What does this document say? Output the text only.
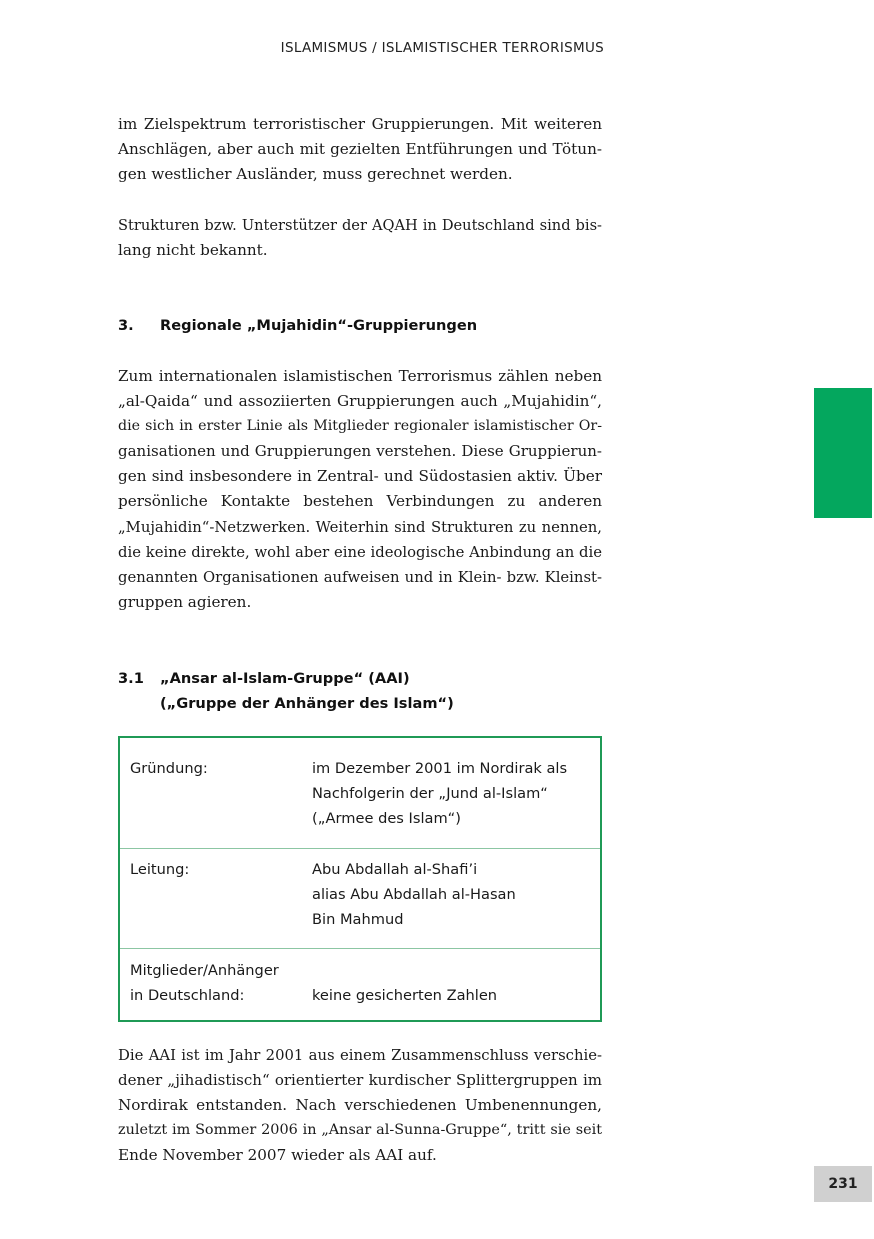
ISLAMISMUS / ISLAMISTISCHER TERRORISMUS

im Zielspektrum terroristischer Gruppierungen. Mit weiteren
Anschlägen, aber auch mit gezielten Entführungen und Tötun-
gen westlicher Ausländer, muss gerechnet werden.

Strukturen bzw. Unterstützer der AQAH in Deutschland sind bis-
lang nicht bekannt.

3. Regionale „Mujahidin“-Gruppierungen

Zum internationalen islamistischen Terrorismus zählen neben
„al-Qaida“ und assoziierten Gruppierungen auch „Mujahidin“,
die sich in erster Linie als Mitglieder regionaler islamistischer Or-
ganisationen und Gruppierungen verstehen. Diese Gruppierun-
gen sind insbesondere in Zentral- und Südostasien aktiv. Über
persönliche Kontakte bestehen Verbindungen zu anderen
„Mujahidin“-Netzwerken. Weiterhin sind Strukturen zu nennen,
die keine direkte, wohl aber eine ideologische Anbindung an die
genannten Organisationen aufweisen und in Klein- bzw. Kleinst-
gruppen agieren.

3.1 „Ansar al-Islam-Gruppe“ (AAI)
(„Gruppe der Anhänger des Islam“)
Gründung:	im Dezember 2001 im Nordirak als
Nachfolgerin der „Jund al-Islam“
(„Armee des Islam“)
Leitung:	Abu Abdallah al-Shafi’i
alias Abu Abdallah al-Hasan
Bin Mahmud
Mitglieder/Anhänger
in Deutschland:	keine gesicherten Zahlen

Die AAI ist im Jahr 2001 aus einem Zusammenschluss verschie-
dener „jihadistisch“ orientierter kurdischer Splittergruppen im
Nordirak entstanden. Nach verschiedenen Umbenennungen,
zuletzt im Sommer 2006 in „Ansar al-Sunna-Gruppe“, tritt sie seit
Ende November 2007 wieder als AAI auf.

231
